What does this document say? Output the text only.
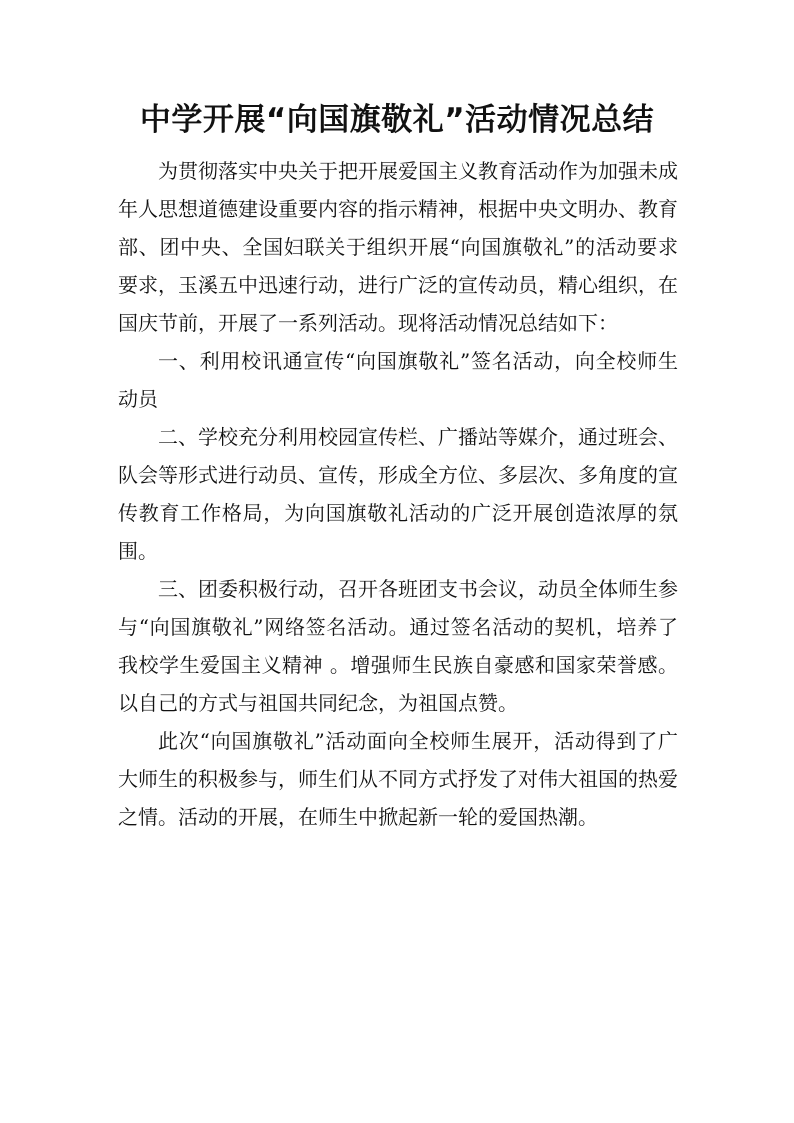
中学开展“向国旗敬礼”活动情况总结

为贯彻落实中央关于把开展爱国主义教育活动作为加强未成年人思想道德建设重要内容的指示精神，根据中央文明办、教育部、团中央、全国妇联关于组织开展“向国旗敬礼”的活动要求要求，玉溪五中迅速行动，进行广泛的宣传动员，精心组织，在国庆节前，开展了一系列活动。现将活动情况总结如下：

一、利用校讯通宣传“向国旗敬礼”签名活动，向全校师生动员

二、学校充分利用校园宣传栏、广播站等媒介，通过班会、队会等形式进行动员、宣传，形成全方位、多层次、多角度的宣传教育工作格局，为向国旗敬礼活动的广泛开展创造浓厚的氛围。

三、团委积极行动，召开各班团支书会议，动员全体师生参与“向国旗敬礼”网络签名活动。通过签名活动的契机，培养了我校学生爱国主义精神 。增强师生民族自豪感和国家荣誉感。以自己的方式与祖国共同纪念，为祖国点赞。

此次“向国旗敬礼”活动面向全校师生展开，活动得到了广大师生的积极参与，师生们从不同方式抒发了对伟大祖国的热爱之情。活动的开展，在师生中掀起新一轮的爱国热潮。
